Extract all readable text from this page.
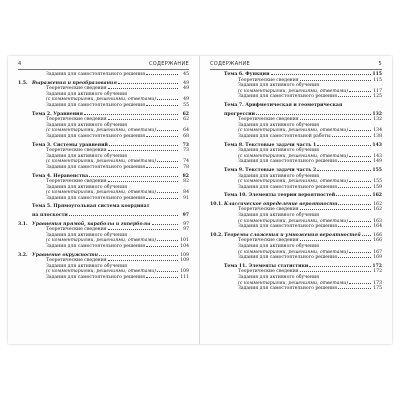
4	СОДЕРЖАНИЕ
Задания для самостоятельного решения	45
1.5. Выражения и преобразования	49
Теоретические сведения	49
Задания для активного обучения
(с комментариями, решениями, ответами)	49
Задания для самостоятельного решения	55
Тема 2. Уравнения	62
Теоретические сведения	62
Задания для активного обучения
(с комментариями, решениями, ответами)	64
Задания для самостоятельного решения	68
Тема 3. Системы уравнений	73
Теоретические сведения	73
Задания для активного обучения
(с комментариями, решениями, ответами)	74
Задания для самостоятельного решения	78
Тема 4. Неравенства	82
Теоретические сведения	82
Задания для активного обучения
(с комментариями, решениями, ответами)	84
Задания для самостоятельного решения	91
Тема 5. Прямоугольная система координат
на плоскости	97
3.1. Уравнения прямой, параболы и гиперболы	97
Теоретические сведения	97
Задания для активного обучения
(с комментариями, решениями, ответами)	101
Задания для самостоятельного решения	104
3.2. Уравнение окружности	109
Теоретические сведения	109
Задания для активного обучения
(с комментариями, решениями, ответами)	109
Задания для самостоятельного решения	111
СОДЕРЖАНИЕ	5
Тема 6. Функции	115
Теоретические сведения	115
Задания для активного обучения
(с комментариями, решениями, ответами)	117
Задания для самостоятельного решения	125
Тема 7. Арифметическая и геометрическая
прогрессии	132
Теоретические сведения	132
Задания для активного обучения
(с комментариями, решениями, ответами)	134
Задания для самостоятельной работы	138
Тема 8. Текстовые задачи часть 1	143
Задания для активного обучения
(с комментариями, решениями, ответами)	143
Задания для самостоятельного решения	149
Тема 9. Текстовые задачи часть 2	155
Задания для активного обучения
(с комментариями, решениями, ответами)	155
Задания для самостоятельного решения	159
Тема 10. Элементы теории вероятностей	162
10.1. Классическое определение вероятности	162
Теоретические сведения	162
Задания для активного обучения
(с комментариями, решениями, ответами)	163
Задания для самостоятельного решения	164
10.2. Теоремы сложения и умножения вероятностей	166
Теоретические сведения	166
Задания для активного обучения
(с комментариями, решениями, ответами)	167
Задания для самостоятельного решения	169
Тема 11. Элементы статистики	172
Теоретические сведения	172
Задания для активного обучения
(с комментариями, решениями, ответами)	173
Задания для самостоятельного решения	175
